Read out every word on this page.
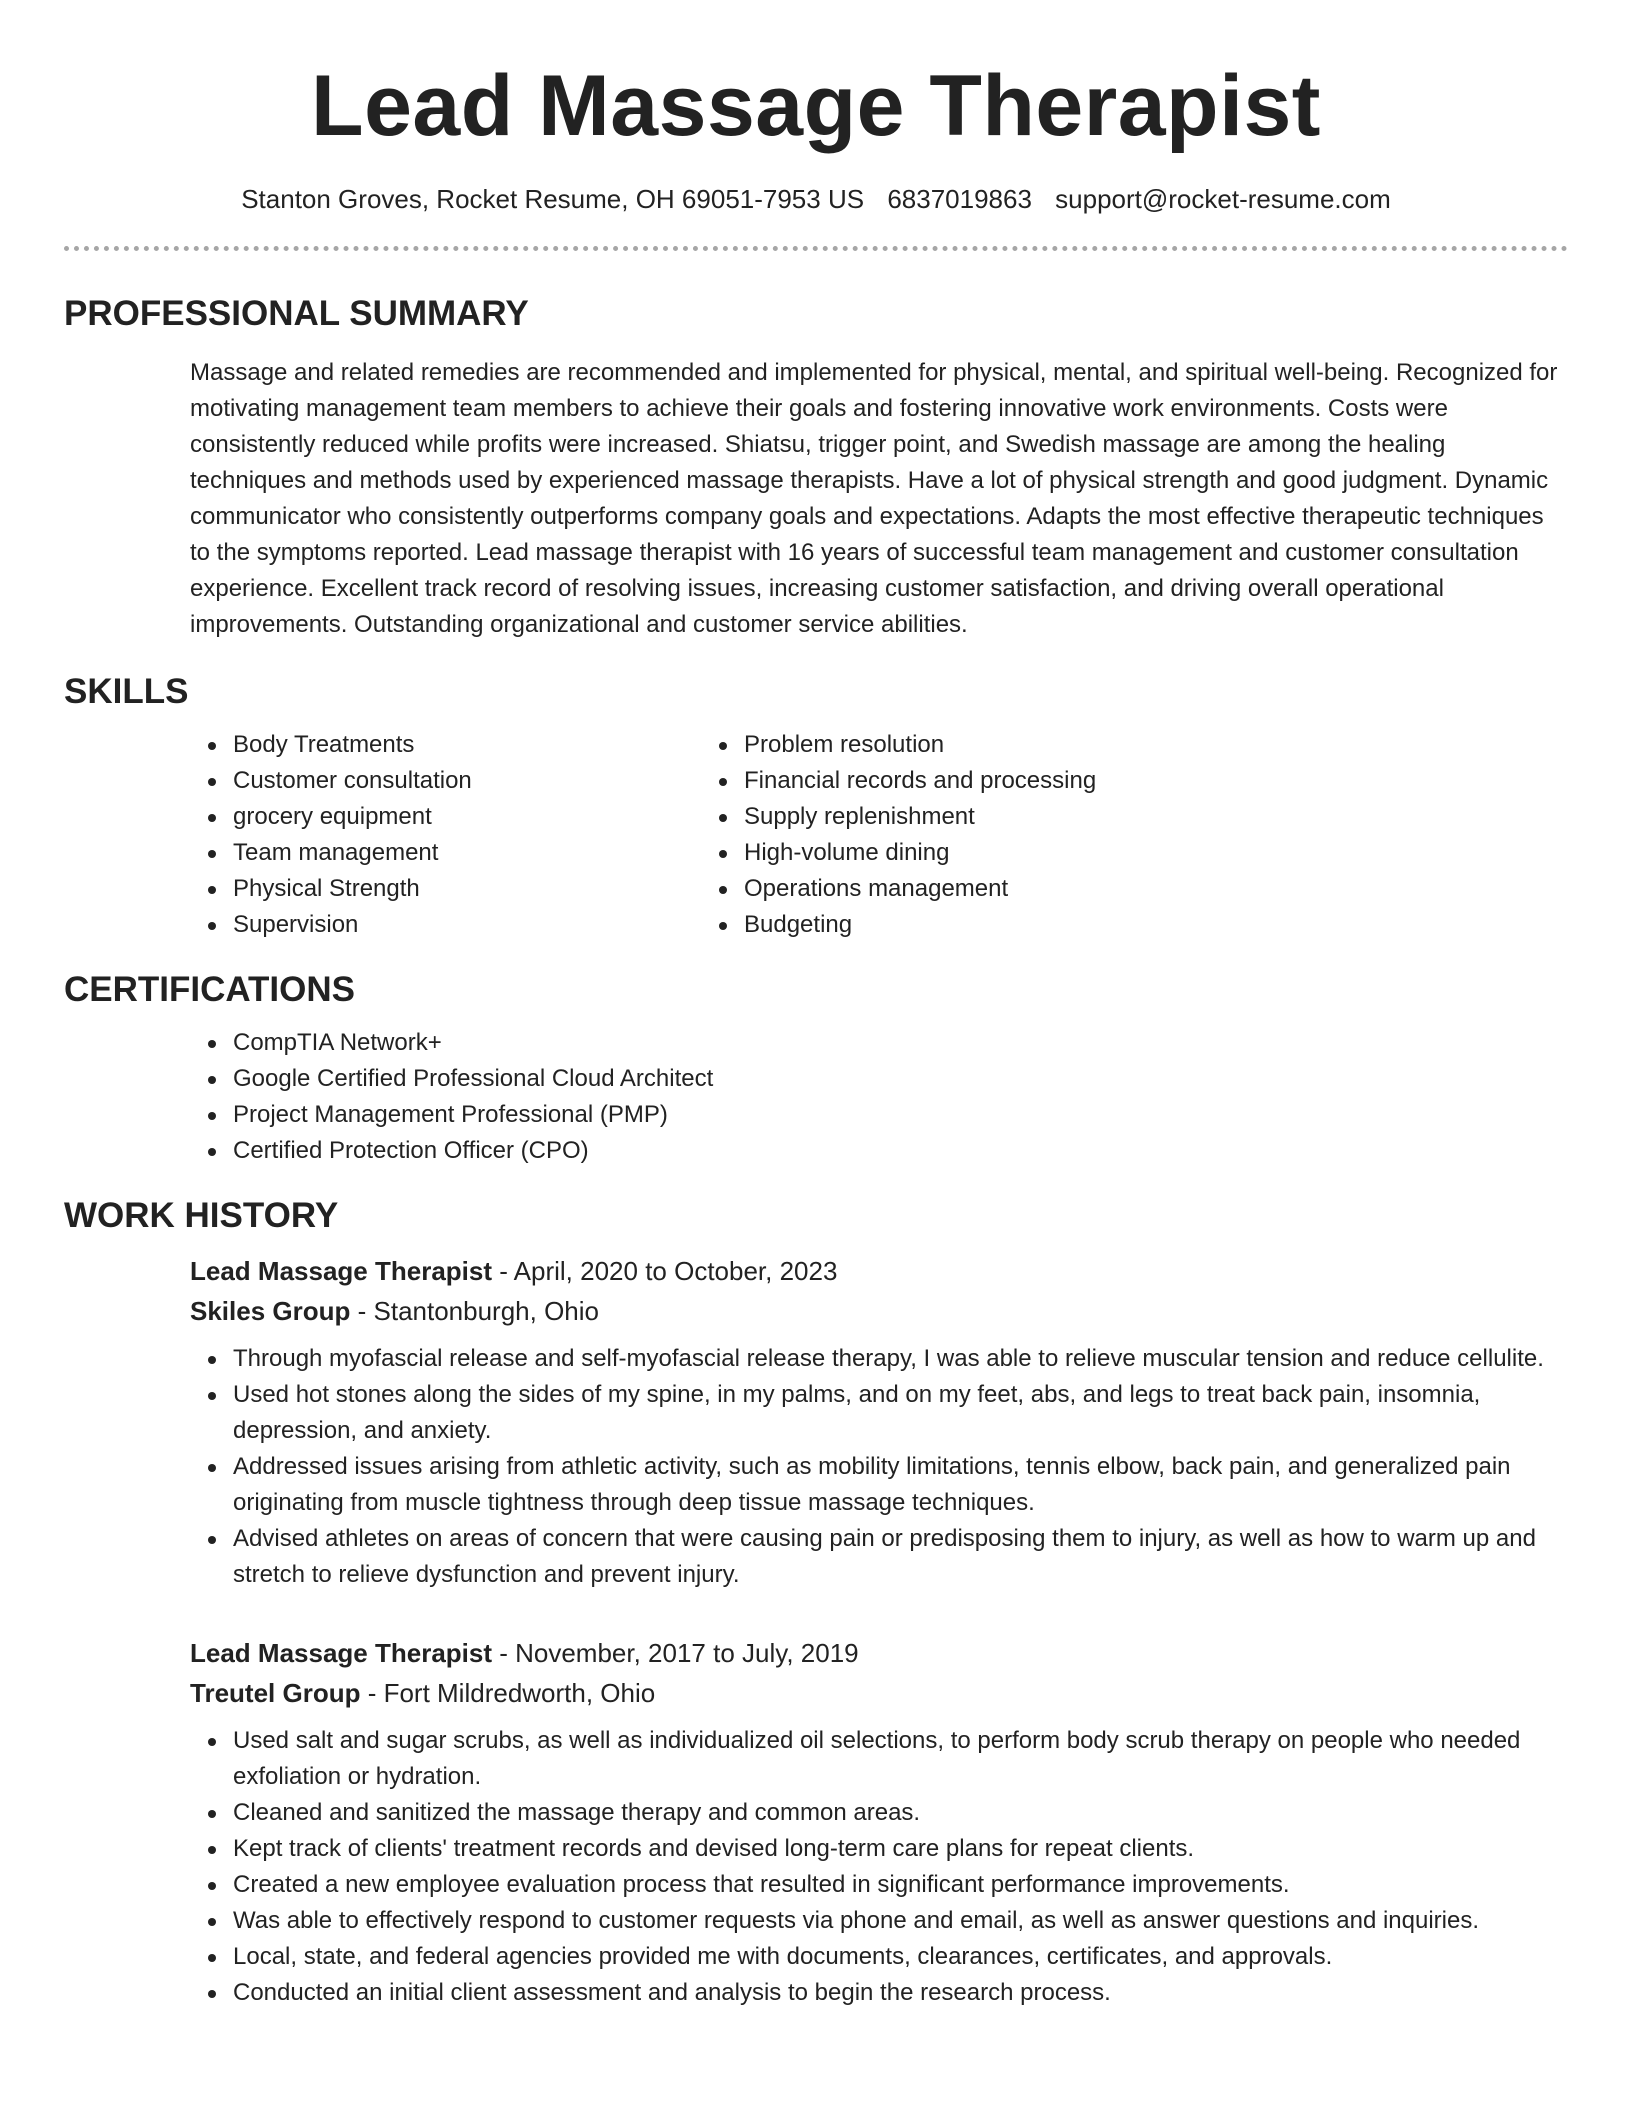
Lead Massage Therapist
Stanton Groves, Rocket Resume, OH 69051-7953 US 6837019863 support@rocket-resume.com
PROFESSIONAL SUMMARY

Massage and related remedies are recommended and implemented for physical, mental, and spiritual well-being. Recognized for motivating management team members to achieve their goals and fostering innovative work environments. Costs were consistently reduced while profits were increased. Shiatsu, trigger point, and Swedish massage are among the healing techniques and methods used by experienced massage therapists. Have a lot of physical strength and good judgment. Dynamic communicator who consistently outperforms company goals and expectations. Adapts the most effective therapeutic techniques to the symptoms reported. Lead massage therapist with 16 years of successful team management and customer consultation experience. Excellent track record of resolving issues, increasing customer satisfaction, and driving overall operational improvements. Outstanding organizational and customer service abilities.

SKILLS
Body Treatments
Customer consultation
grocery equipment
Team management
Physical Strength
Supervision
Problem resolution
Financial records and processing
Supply replenishment
High-volume dining
Operations management
Budgeting
CERTIFICATIONS
CompTIA Network+
Google Certified Professional Cloud Architect
Project Management Professional (PMP)
Certified Protection Officer (CPO)
WORK HISTORY
Lead Massage Therapist - April, 2020 to October, 2023
Skiles Group - Stantonburgh, Ohio
Through myofascial release and self-myofascial release therapy, I was able to relieve muscular tension and reduce cellulite.
Used hot stones along the sides of my spine, in my palms, and on my feet, abs, and legs to treat back pain, insomnia, depression, and anxiety.
Addressed issues arising from athletic activity, such as mobility limitations, tennis elbow, back pain, and generalized pain originating from muscle tightness through deep tissue massage techniques.
Advised athletes on areas of concern that were causing pain or predisposing them to injury, as well as how to warm up and stretch to relieve dysfunction and prevent injury.
Lead Massage Therapist - November, 2017 to July, 2019
Treutel Group - Fort Mildredworth, Ohio
Used salt and sugar scrubs, as well as individualized oil selections, to perform body scrub therapy on people who needed exfoliation or hydration.
Cleaned and sanitized the massage therapy and common areas.
Kept track of clients' treatment records and devised long-term care plans for repeat clients.
Created a new employee evaluation process that resulted in significant performance improvements.
Was able to effectively respond to customer requests via phone and email, as well as answer questions and inquiries.
Local, state, and federal agencies provided me with documents, clearances, certificates, and approvals.
Conducted an initial client assessment and analysis to begin the research process.
